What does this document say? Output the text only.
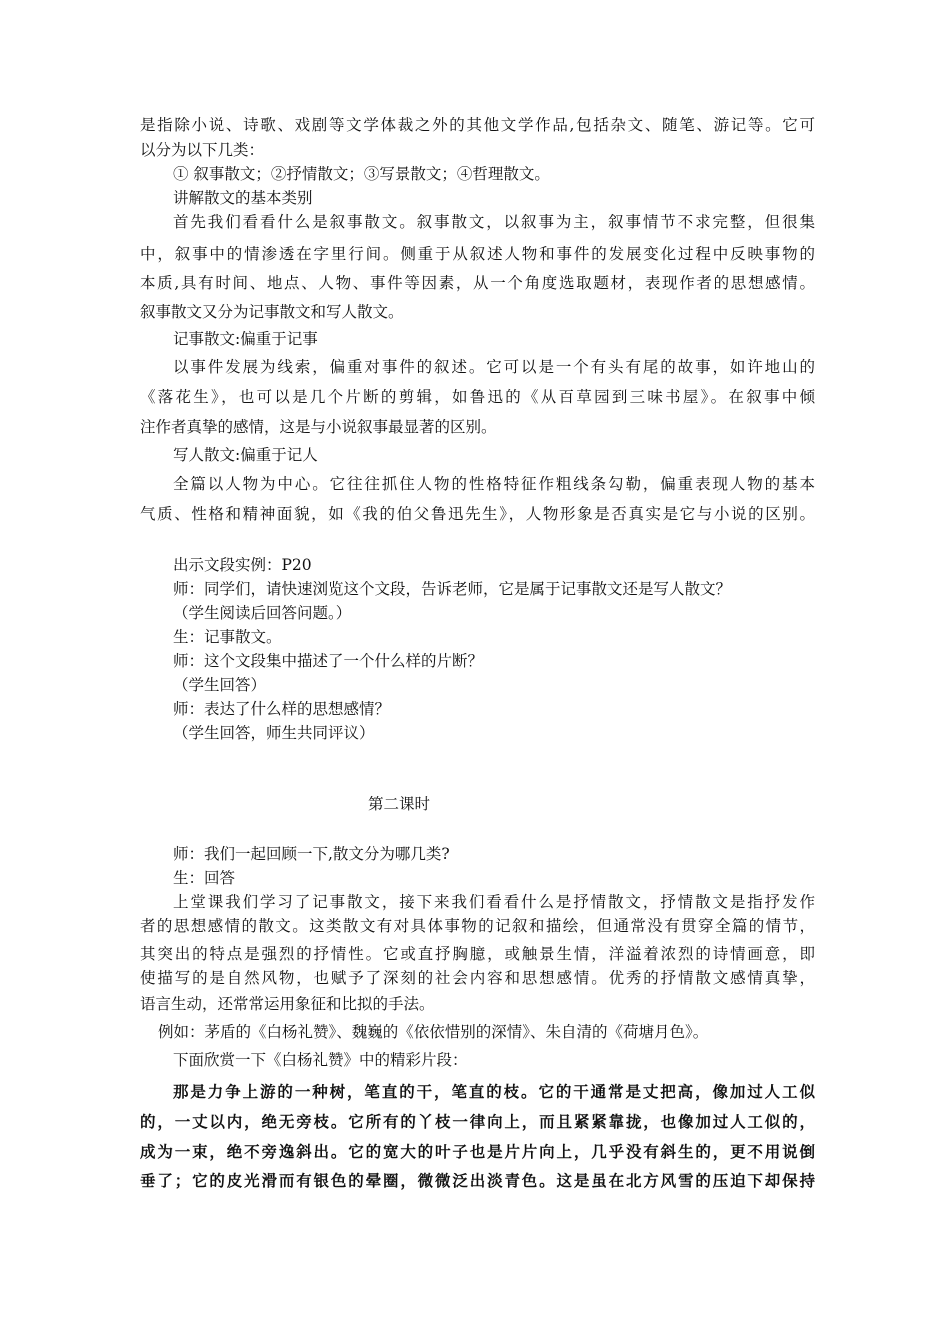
是指除小说、诗歌、戏剧等文学体裁之外的其他文学作品,包括杂文、随笔、游记等。它可
以分为以下几类：
① 叙事散文；②抒情散文；③写景散文；④哲理散文。
讲解散文的基本类别
首先我们看看什么是叙事散文。叙事散文，以叙事为主，叙事情节不求完整，但很集
中，叙事中的情渗透在字里行间。侧重于从叙述人物和事件的发展变化过程中反映事物的
本质,具有时间、地点、人物、事件等因素，从一个角度选取题材，表现作者的思想感情。
叙事散文又分为记事散文和写人散文。
记事散文:偏重于记事
以事件发展为线索，偏重对事件的叙述。它可以是一个有头有尾的故事，如许地山的
《落花生》，也可以是几个片断的剪辑，如鲁迅的《从百草园到三味书屋》。在叙事中倾
注作者真挚的感情，这是与小说叙事最显著的区别。
写人散文:偏重于记人
全篇以人物为中心。它往往抓住人物的性格特征作粗线条勾勒，偏重表现人物的基本
气质、性格和精神面貌，如《我的伯父鲁迅先生》，人物形象是否真实是它与小说的区别。
出示文段实例：P20
师：同学们，请快速浏览这个文段，告诉老师，它是属于记事散文还是写人散文？
（学生阅读后回答问题。）
生：记事散文。
师：这个文段集中描述了一个什么样的片断？
（学生回答）
师：表达了什么样的思想感情？
（学生回答，师生共同评议）
第二课时
师：我们一起回顾一下,散文分为哪几类?
生：回答
上堂课我们学习了记事散文，接下来我们看看什么是抒情散文，抒情散文是指抒发作
者的思想感情的散文。这类散文有对具体事物的记叙和描绘，但通常没有贯穿全篇的情节，
其突出的特点是强烈的抒情性。它或直抒胸臆，或触景生情，洋溢着浓烈的诗情画意，即
使描写的是自然风物，也赋予了深刻的社会内容和思想感情。优秀的抒情散文感情真挚，
语言生动，还常常运用象征和比拟的手法。
例如：茅盾的《白杨礼赞》、魏巍的《依依惜别的深情》、朱自清的《荷塘月色》。
下面欣赏一下《白杨礼赞》中的精彩片段：
那是力争上游的一种树，笔直的干，笔直的枝。它的干通常是丈把高，像加过人工似
的，一丈以内，绝无旁枝。它所有的丫枝一律向上，而且紧紧靠拢，也像加过人工似的，
成为一束，绝不旁逸斜出。它的宽大的叶子也是片片向上，几乎没有斜生的，更不用说倒
垂了；它的皮光滑而有银色的晕圈，微微泛出淡青色。这是虽在北方风雪的压迫下却保持
